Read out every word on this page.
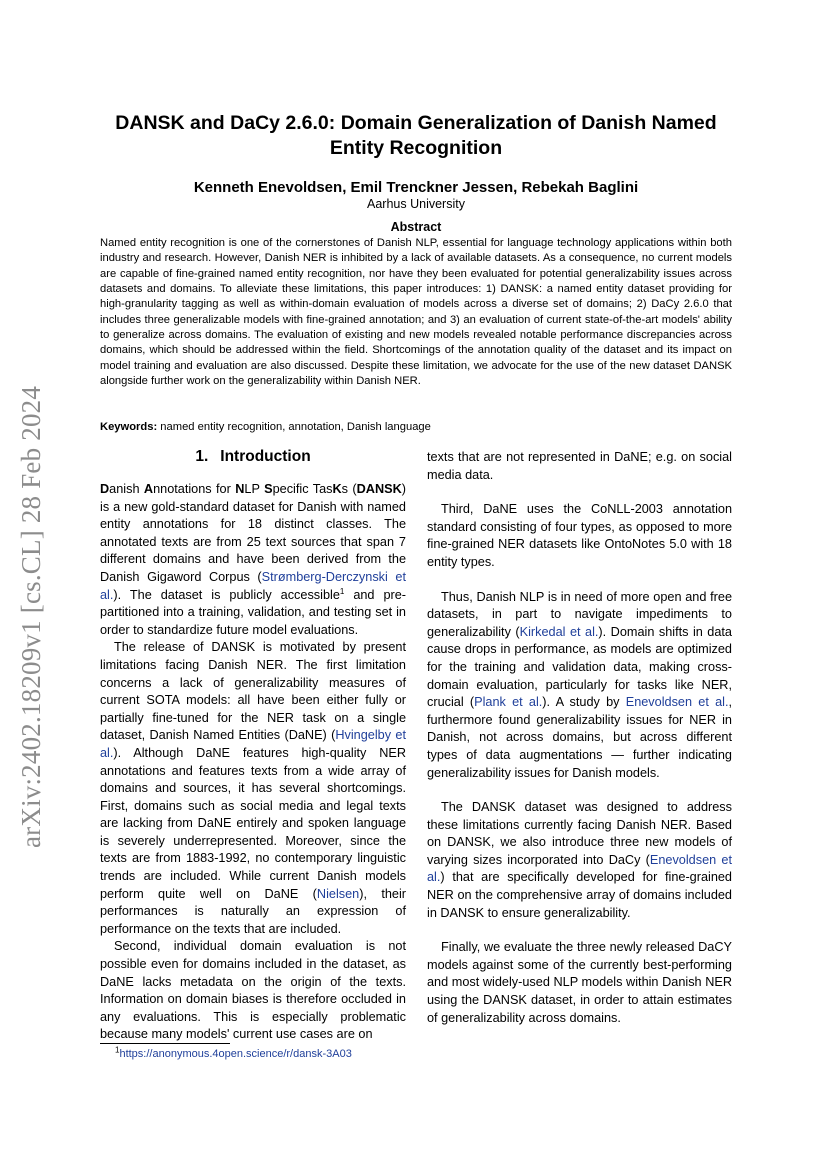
arXiv:2402.18209v1 [cs.CL] 28 Feb 2024
DANSK and DaCy 2.6.0: Domain Generalization of Danish Named
Entity Recognition
Kenneth Enevoldsen, Emil Trenckner Jessen, Rebekah Baglini
Aarhus University
Abstract
Named entity recognition is one of the cornerstones of Danish NLP, essential for language technology applications within both industry and research. However, Danish NER is inhibited by a lack of available datasets. As a consequence, no current models are capable of fine-grained named entity recognition, nor have they been evaluated for potential generalizability issues across datasets and domains. To alleviate these limitations, this paper introduces: 1) DANSK: a named entity dataset providing for high-granularity tagging as well as within-domain evaluation of models across a diverse set of domains; 2) DaCy 2.6.0 that includes three generalizable models with fine-grained annotation; and 3) an evaluation of current state-of-the-art models' ability to generalize across domains. The evaluation of existing and new models revealed notable performance discrepancies across domains, which should be addressed within the field. Shortcomings of the annotation quality of the dataset and its impact on model training and evaluation are also discussed. Despite these limitation, we advocate for the use of the new dataset DANSK alongside further work on the generalizability within Danish NER.
Keywords: named entity recognition, annotation, Danish language
1. Introduction

Danish Annotations for NLP Specific TasKs (DANSK) is a new gold-standard dataset for Danish with named entity annotations for 18 distinct classes. The annotated texts are from 25 text sources that span 7 different domains and have been derived from the Danish Gigaword Corpus (Strømberg-Derczynski et al.). The dataset is publicly accessible$^1$ and pre-partitioned into a training, validation, and testing set in order to standardize future model evaluations.

The release of DANSK is motivated by present limitations facing Danish NER. The first limitation concerns a lack of generalizability measures of current SOTA models: all have been either fully or partially fine-tuned for the NER task on a single dataset, Danish Named Entities (DaNE) (Hvingelby et al.). Although DaNE features high-quality NER annotations and features texts from a wide array of domains and sources, it has several shortcomings. First, domains such as social media and legal texts are lacking from DaNE entirely and spoken language is severely underrepresented. Moreover, since the texts are from 1883-1992, no contemporary linguistic trends are included. While current Danish models perform quite well on DaNE (Nielsen), their performances is naturally an expression of performance on the texts that are included.

Second, individual domain evaluation is not possible even for domains included in the dataset, as DaNE lacks metadata on the origin of the texts. Information on domain biases is therefore occluded in any evaluations. This is especially problematic because many models' current use cases are on

texts that are not represented in DaNE; e.g. on social media data.

Third, DaNE uses the CoNLL-2003 annotation standard consisting of four types, as opposed to more fine-grained NER datasets like OntoNotes 5.0 with 18 entity types.

Thus, Danish NLP is in need of more open and free datasets, in part to navigate impediments to generalizability (Kirkedal et al.). Domain shifts in data cause drops in performance, as models are optimized for the training and validation data, making cross-domain evaluation, particularly for tasks like NER, crucial (Plank et al.). A study by Enevoldsen et al., furthermore found generalizability issues for NER in Danish, not across domains, but across different types of data augmentations — further indicating generalizability issues for Danish models.

The DANSK dataset was designed to address these limitations currently facing Danish NER. Based on DANSK, we also introduce three new models of varying sizes incorporated into DaCy (Enevoldsen et al.) that are specifically developed for fine-grained NER on the comprehensive array of domains included in DANSK to ensure generalizability.

Finally, we evaluate the three newly released DaCY models against some of the currently best-performing and most widely-used NLP models within Danish NER using the DANSK dataset, in order to attain estimates of generalizability across domains.

$^1$https://anonymous.4open.science/r/dansk-3A03
